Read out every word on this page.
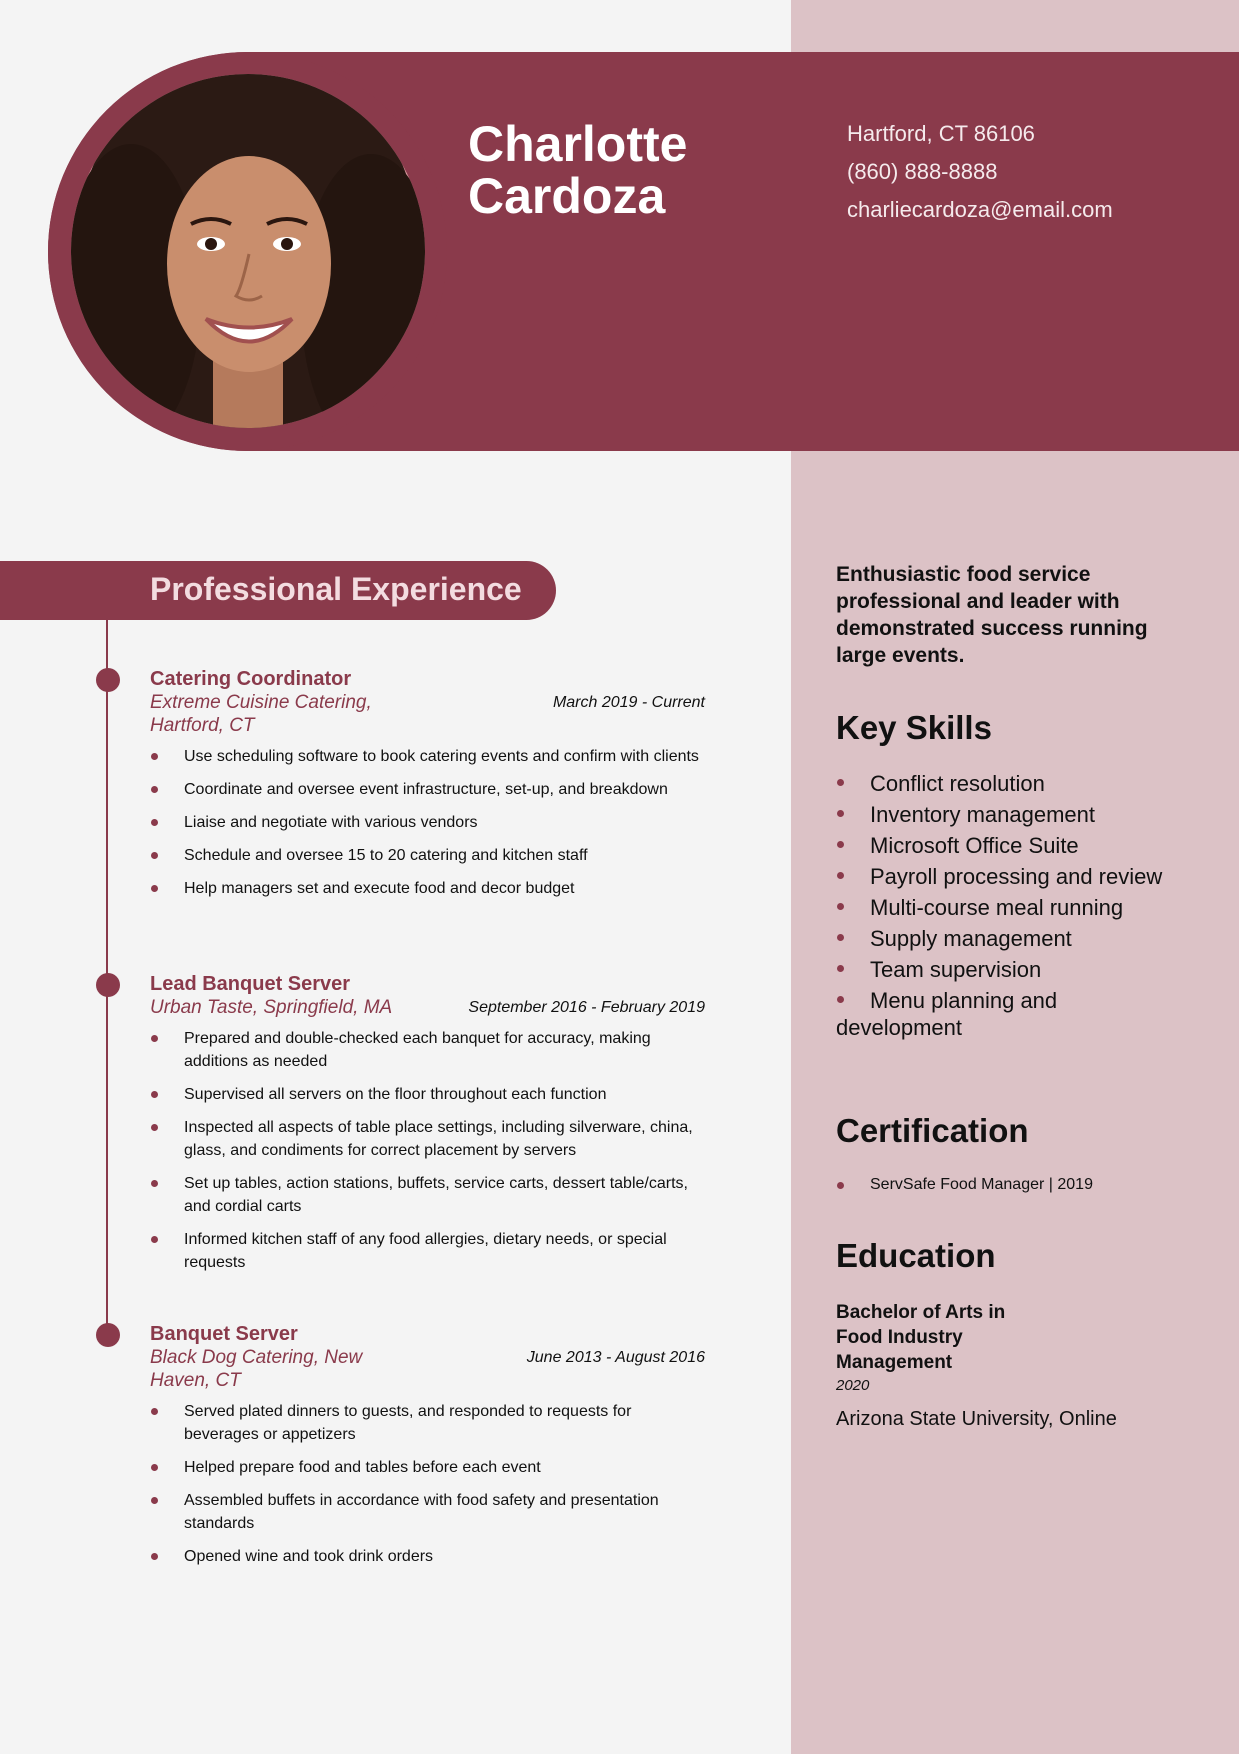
Charlotte
Cardoza
Hartford, CT 86106
(860) 888-8888
charliecardoza@email.com
Professional Experience
Catering Coordinator
March 2019 - Current
Extreme Cuisine Catering, Hartford, CT
Use scheduling software to book catering events and confirm with clients
Coordinate and oversee event infrastructure, set-up, and breakdown
Liaise and negotiate with various vendors
Schedule and oversee 15 to 20 catering and kitchen staff
Help managers set and execute food and decor budget
Lead Banquet Server
September 2016 - February 2019
Urban Taste, Springfield, MA
Prepared and double-checked each banquet for accuracy, making additions as needed
Supervised all servers on the floor throughout each function
Inspected all aspects of table place settings, including silverware, china, glass, and condiments for correct placement by servers
Set up tables, action stations, buffets, service carts, dessert table/carts, and cordial carts
Informed kitchen staff of any food allergies, dietary needs, or special requests
Banquet Server
June 2013 - August 2016
Black Dog Catering, New Haven, CT
Served plated dinners to guests, and responded to requests for beverages or appetizers
Helped prepare food and tables before each event
Assembled buffets in accordance with food safety and presentation standards
Opened wine and took drink orders
Enthusiastic food service professional and leader with demonstrated success running large events.
Key Skills
Conflict resolution
Inventory management
Microsoft Office Suite
Payroll processing and review
Multi-course meal running
Supply management
Team supervision
Menu planning and development
Certification
ServSafe Food Manager | 2019
Education
Bachelor of Arts in Food Industry Management
2020
Arizona State University, Online
